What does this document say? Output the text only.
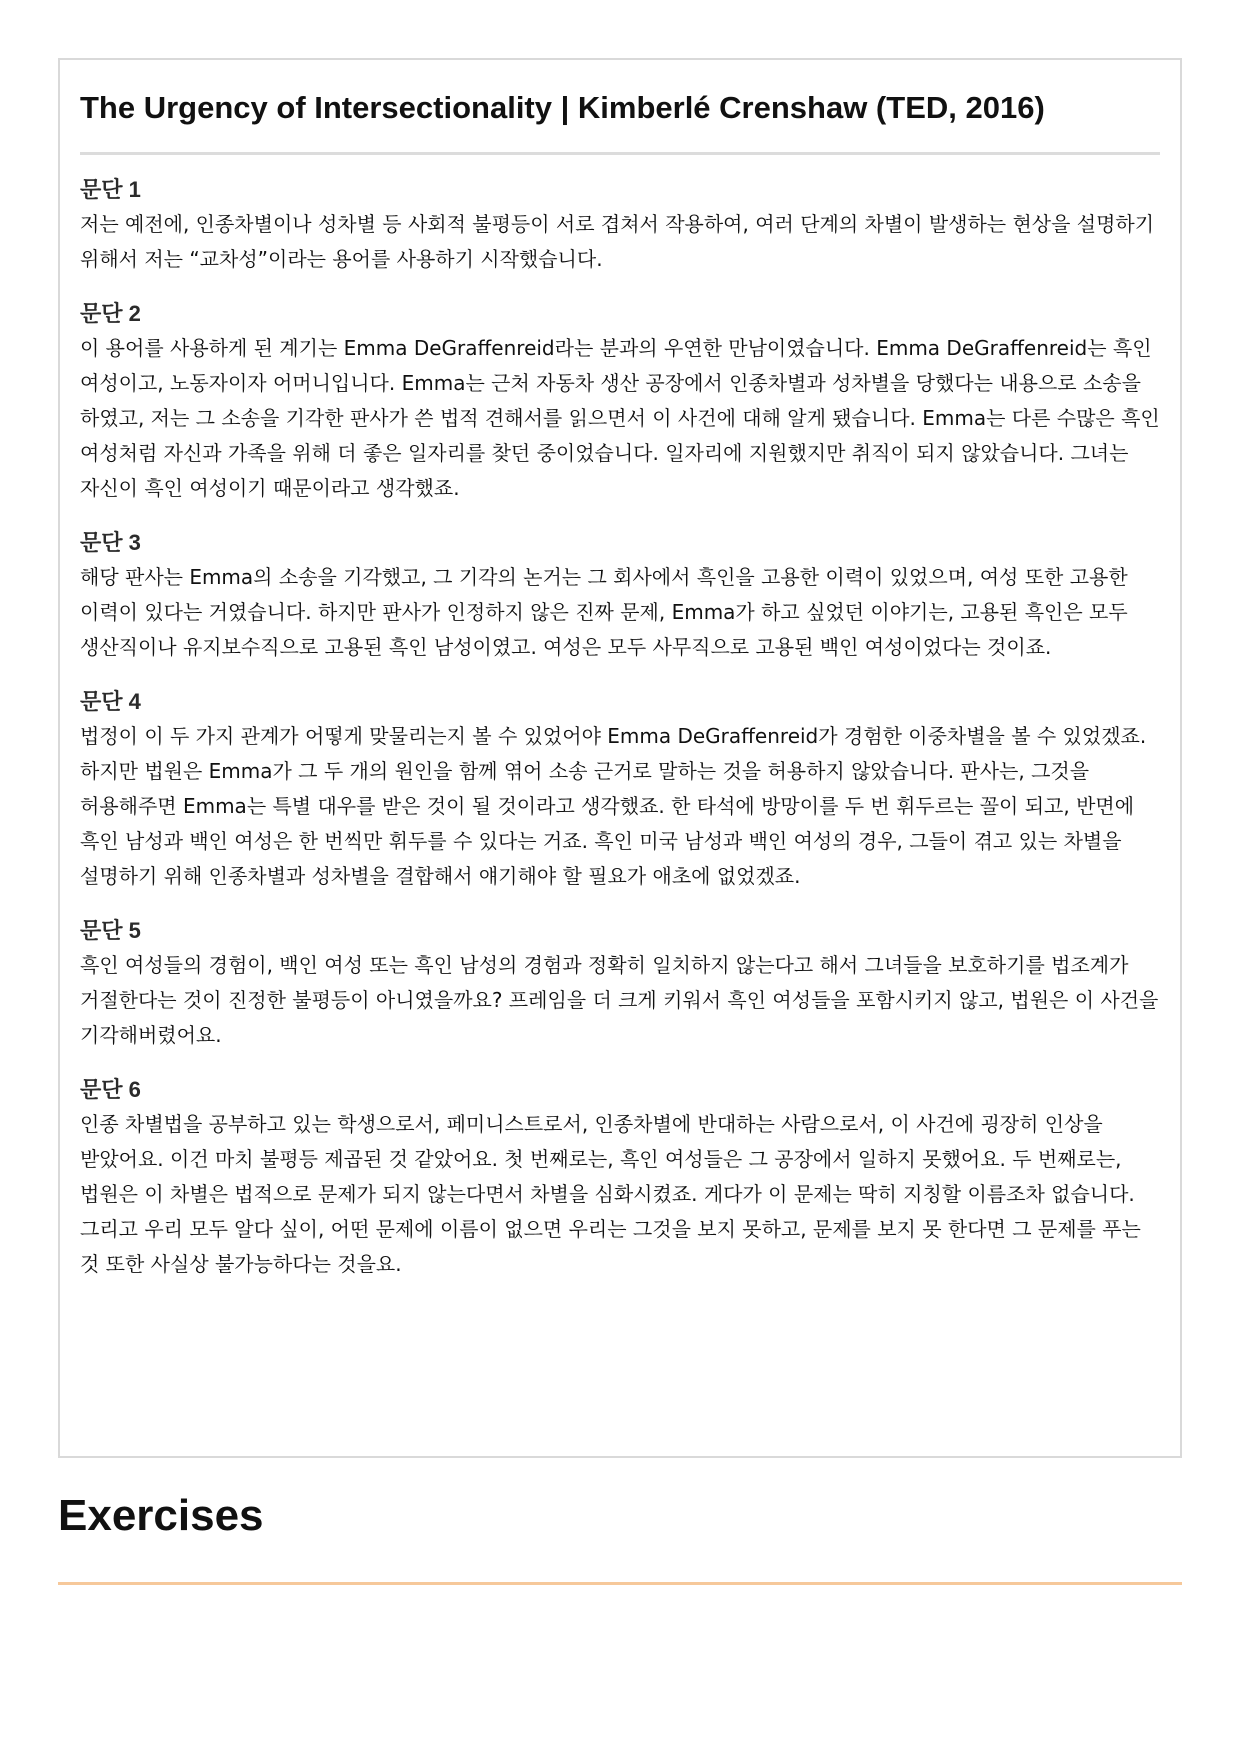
The Urgency of Intersectionality | Kimberlé Crenshaw (TED, 2016)
문단 1

저는 예전에, 인종차별이나 성차별 등 사회적 불평등이 서로 겹쳐서 작용하여, 여러 단계의 차별이 발생하는 현상을 설명하기 위해서 저는 “교차성”이라는 용어를 사용하기 시작했습니다.

문단 2

이 용어를 사용하게 된 계기는 Emma DeGraffenreid라는 분과의 우연한 만남이였습니다. Emma DeGraffenreid는 흑인 여성이고, 노동자이자 어머니입니다. Emma는 근처 자동차 생산 공장에서 인종차별과 성차별을 당했다는 내용으로 소송을 하였고, 저는 그 소송을 기각한 판사가 쓴 법적 견해서를 읽으면서 이 사건에 대해 알게 됐습니다. Emma는 다른 수많은 흑인 여성처럼 자신과 가족을 위해 더 좋은 일자리를 찾던 중이었습니다. 일자리에 지원했지만 취직이 되지 않았습니다. 그녀는 자신이 흑인 여성이기 때문이라고 생각했죠.

문단 3

해당 판사는 Emma의 소송을 기각했고, 그 기각의 논거는 그 회사에서 흑인을 고용한 이력이 있었으며, 여성 또한 고용한 이력이 있다는 거였습니다. 하지만 판사가 인정하지 않은 진짜 문제, Emma가 하고 싶었던 이야기는, 고용된 흑인은 모두 생산직이나 유지보수직으로 고용된 흑인 남성이였고. 여성은 모두 사무직으로 고용된 백인 여성이었다는 것이죠.

문단 4

법정이 이 두 가지 관계가 어떻게 맞물리는지 볼 수 있었어야 Emma DeGraffenreid가 경험한 이중차별을 볼 수 있었겠죠. 하지만 법원은 Emma가 그 두 개의 원인을 함께 엮어 소송 근거로 말하는 것을 허용하지 않았습니다. 판사는, 그것을 허용해주면 Emma는 특별 대우를 받은 것이 될 것이라고 생각했죠. 한 타석에 방망이를 두 번 휘두르는 꼴이 되고, 반면에 흑인 남성과 백인 여성은 한 번씩만 휘두를 수 있다는 거죠. 흑인 미국 남성과 백인 여성의 경우, 그들이 겪고 있는 차별을 설명하기 위해 인종차별과 성차별을 결합해서 얘기해야 할 필요가 애초에 없었겠죠.

문단 5

흑인 여성들의 경험이, 백인 여성 또는 흑인 남성의 경험과 정확히 일치하지 않는다고 해서 그녀들을 보호하기를 법조계가 거절한다는 것이 진정한 불평등이 아니였을까요? 프레임을 더 크게 키워서 흑인 여성들을 포함시키지 않고, 법원은 이 사건을 기각해버렸어요.

문단 6

인종 차별법을 공부하고 있는 학생으로서, 페미니스트로서, 인종차별에 반대하는 사람으로서, 이 사건에 굉장히 인상을 받았어요. 이건 마치 불평등 제곱된 것 같았어요. 첫 번째로는, 흑인 여성들은 그 공장에서 일하지 못했어요. 두 번째로는, 법원은 이 차별은 법적으로 문제가 되지 않는다면서 차별을 심화시켰죠. 게다가 이 문제는 딱히 지칭할 이름조차 없습니다. 그리고 우리 모두 알다 싶이, 어떤 문제에 이름이 없으면 우리는 그것을 보지 못하고, 문제를 보지 못 한다면 그 문제를 푸는 것 또한 사실상 불가능하다는 것을요.

Exercises
